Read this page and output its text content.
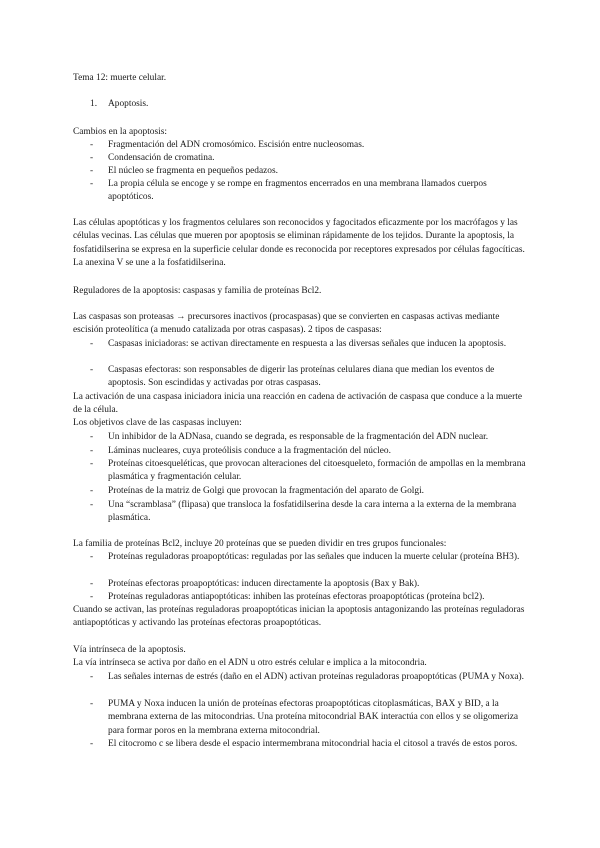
Tema 12: muerte celular.
1. Apoptosis.
Cambios en la apoptosis:
- Fragmentación del ADN cromosómico. Escisión entre nucleosomas.
- Condensación de cromatina.
- El núcleo se fragmenta en pequeños pedazos.
- La propia célula se encoge y se rompe en fragmentos encerrados en una membrana llamados cuerpos apoptóticos.
Las células apoptóticas y los fragmentos celulares son reconocidos y fagocitados eficazmente por los macrófagos y las células vecinas. Las células que mueren por apoptosis se eliminan rápidamente de los tejidos. Durante la apoptosis, la fosfatidilserina se expresa en la superficie celular donde es reconocida por receptores expresados por células fagocíticas. La anexina V se une a la fosfatidilserina.
Reguladores de la apoptosis: caspasas y familia de proteínas Bcl2.
Las caspasas son proteasas → precursores inactivos (procaspasas) que se convierten en caspasas activas mediante escisión proteolítica (a menudo catalizada por otras caspasas). 2 tipos de caspasas:
- Caspasas iniciadoras: se activan directamente en respuesta a las diversas señales que inducen la apoptosis.
- Caspasas efectoras: son responsables de digerir las proteínas celulares diana que median los eventos de apoptosis. Son escindidas y activadas por otras caspasas.
La activación de una caspasa iniciadora inicia una reacción en cadena de activación de caspasa que conduce a la muerte de la célula.
Los objetivos clave de las caspasas incluyen:
- Un inhibidor de la ADNasa, cuando se degrada, es responsable de la fragmentación del ADN nuclear.
- Láminas nucleares, cuya proteólisis conduce a la fragmentación del núcleo.
- Proteínas citoesqueléticas, que provocan alteraciones del citoesqueleto, formación de ampollas en la membrana plasmática y fragmentación celular.
- Proteínas de la matriz de Golgi que provocan la fragmentación del aparato de Golgi.
- Una “scramblasa” (flipasa) que transloca la fosfatidilserina desde la cara interna a la externa de la membrana plasmática.
La familia de proteínas Bcl2, incluye 20 proteínas que se pueden dividir en tres grupos funcionales:
- Proteínas reguladoras proapoptóticas: reguladas por las señales que inducen la muerte celular (proteína BH3).
- Proteínas efectoras proapoptóticas: inducen directamente la apoptosis (Bax y Bak).
- Proteínas reguladoras antiapoptóticas: inhiben las proteínas efectoras proapoptóticas (proteína bcl2).
Cuando se activan, las proteínas reguladoras proapoptóticas inician la apoptosis antagonizando las proteínas reguladoras antiapoptóticas y activando las proteínas efectoras proapoptóticas.
Vía intrínseca de la apoptosis.
La vía intrínseca se activa por daño en el ADN u otro estrés celular e implica a la mitocondria.
- Las señales internas de estrés (daño en el ADN) activan proteínas reguladoras proapoptóticas (PUMA y Noxa).
- PUMA y Noxa inducen la unión de proteínas efectoras proapoptóticas citoplasmáticas, BAX y BID, a la membrana externa de las mitocondrias. Una proteína mitocondrial BAK interactúa con ellos y se oligomeriza para formar poros en la membrana externa mitocondrial.
- El citocromo c se libera desde el espacio intermembrana mitocondrial hacia el citosol a través de estos poros.
